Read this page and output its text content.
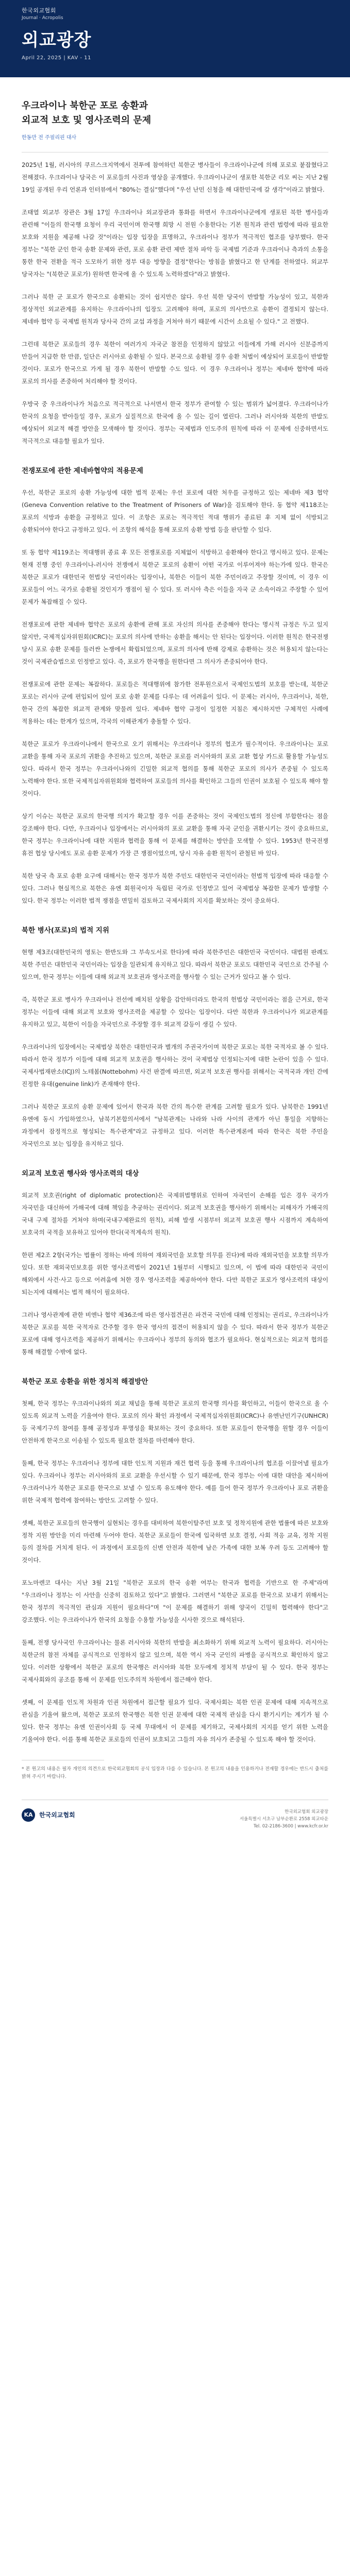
한국외교협회
Journal · Acropolis
외교광장
April 22, 2025 | KAV - 11
우크라이나 북한군 포로 송환과
외교적 보호 및 영사조력의 문제
한동만 전 주필리핀 대사

2025년 1월, 러시아의 쿠르스크지역에서 전투에 참여하던 북한군 병사들이 우크라이나군에 의해 포로로 붙잡혔다고 전해졌다. 우크라이나 당국은 이 포로들의 사진과 영상을 공개했다. 우크라이나군이 생포한 북한군 리모 씨는 지난 2월 19일 공개된 우리 언론과 인터뷰에서 "80%는 결심"했다며 "우선 난민 신청을 해 대한민국에 갈 생각"이라고 밝혔다.

조태열 외교부 장관은 3월 17일 우크라이나 외교장관과 통화를 하면서 우크라이나군에게 생포된 북한 병사들과 관련해 "이들의 한국행 요청이 우리 국민이며 한국행 희망 시 전원 수용한다는 기본 원칙과 관련 법령에 따라 필요한 보호와 지원을 제공해 나갈 것"이라는 입장 입장을 표명하고, 우크라이나 정부가 적극적인 협조를 당부했다. 한국 정부는 "북한 군인 한국 송환 문제와 관련, 포로 송환 관련 제반 절차 파악 등 국제법 기준과 우크라이나 측과의 소통을 통한 한국 전환을 적극 도모하기 위한 정부 대응 방향을 결정"한다는 방침을 밝혔다고 한 단계를 전하였다. 외교부 당국자는 "(북한군 포로가) 원하면 한국에 올 수 있도록 노력하겠다"라고 밝혔다.

그러나 북한 군 포로가 한국으로 송환되는 것이 쉽지만은 않다. 우선 북한 당국이 반발할 가능성이 있고, 북한과 정상적인 외교관계를 유지하는 우크라이나의 입장도 고려해야 하며, 포로의 의사만으로 송환이 결정되지 않는다. 제네바 협약 등 국제법 원칙과 당사국 간의 교섭 과정을 거쳐야 하기 때문에 시간이 소요될 수 있다." 고 전했다.

그런데 북한군 포로들의 경우 북한이 여러가지 자국군 참전을 인정하지 않았고 이들에게 가해 러시아 신분증까지 만들어 지급한 한 만큼, 일단은 러시아로 송환될 수 있다. 본국으로 송환될 경우 송환 처벌이 예상되어 포로들이 반발할 것이다. 포로가 한국으로 가게 될 경우 북한이 반발할 수도 있다. 이 경우 우크라이나 정부는 제네바 협약에 따라 포로의 의사를 존중하여 처리해야 할 것이다.

우방국 중 우크라이나가 처음으로 적극적으로 나서면서 한국 정부가 관여할 수 있는 범위가 넓어졌다. 우크라이나가 한국의 요청을 받아들일 경우, 포로가 실질적으로 한국에 올 수 있는 길이 열린다. 그러나 러시아와 북한의 반발도 예상되어 외교적 해결 방안을 모색해야 할 것이다. 정부는 국제법과 인도주의 원칙에 따라 이 문제에 신중하면서도 적극적으로 대응할 필요가 있다.

전쟁포로에 관한 제네바협약의 적용문제

우선, 북한군 포로의 송환 가능성에 대한 법적 문제는 우선 포로에 대한 처우를 규정하고 있는 제네바 제3 협약(Geneva Convention relative to the Treatment of Prisoners of War)을 검토해야 한다. 동 협약 제118조는 포로의 석방과 송환을 규정하고 있다. 이 조항은 포로는 적극적인 적대 행위가 종료된 후 지체 없이 석방되고 송환되어야 한다고 규정하고 있다. 이 조항의 해석을 통해 포로의 송환 방법 등을 판단할 수 있다.

또 동 협약 제119조는 적대행위 종료 후 모든 전쟁포로를 지체없이 석방하고 송환해야 한다고 명시하고 있다. 문제는 현재 진행 중인 우크라이나-러시아 전쟁에서 북한군 포로의 송환이 어떤 국가로 이루어져야 하는가에 있다. 한국은 북한군 포로가 대한민국 헌법상 국민이라는 입장이나, 북한은 이들이 북한 주민이라고 주장할 것이며, 이 경우 이 포로들이 어느 국가로 송환될 것인지가 쟁점이 될 수 있다. 또 러시아 측은 이들을 자국 군 소속이라고 주장할 수 있어 문제가 복잡해질 수 있다.

전쟁포로에 관한 제네바 협약은 포로의 송환에 관해 포로 자신의 의사를 존중해야 한다는 명시적 규정은 두고 있지 않지만, 국제적십자위원회(ICRC)는 포로의 의사에 반하는 송환을 해서는 안 된다는 입장이다. 이러한 원칙은 한국전쟁 당시 포로 송환 문제를 둘러싼 논쟁에서 확립되었으며, 포로의 의사에 반해 강제로 송환하는 것은 허용되지 않는다는 것이 국제관습법으로 인정받고 있다. 즉, 포로가 한국행을 원한다면 그 의사가 존중되어야 한다.

전쟁포로에 관한 문제는 복잡하다. 포로들은 적대행위에 참가한 전투원으로서 국제인도법의 보호를 받는데, 북한군 포로는 러시아 군에 편입되어 있어 포로 송환 문제를 다루는 데 어려움이 있다. 이 문제는 러시아, 우크라이나, 북한, 한국 간의 복잡한 외교적 관계와 맞물려 있다. 제네바 협약 규정이 일정한 지침은 제시하지만 구체적인 사례에 적용하는 데는 한계가 있으며, 각국의 이해관계가 충돌할 수 있다.

북한군 포로가 우크라이나에서 한국으로 오기 위해서는 우크라이나 정부의 협조가 필수적이다. 우크라이나는 포로 교환을 통해 자국 포로의 귀환을 추진하고 있으며, 북한군 포로를 러시아와의 포로 교환 협상 카드로 활용할 가능성도 있다. 따라서 한국 정부는 우크라이나와의 긴밀한 외교적 협의를 통해 북한군 포로의 의사가 존중될 수 있도록 노력해야 한다. 또한 국제적십자위원회와 협력하여 포로들의 의사를 확인하고 그들의 인권이 보호될 수 있도록 해야 할 것이다.

상기 이슈는 북한군 포로의 한국행 의지가 확고할 경우 이를 존중하는 것이 국제인도법의 정신에 부합한다는 점을 강조해야 한다. 다만, 우크라이나 입장에서는 러시아와의 포로 교환을 통해 자국 군인을 귀환시키는 것이 중요하므로, 한국 정부는 우크라이나에 대한 지원과 협력을 통해 이 문제를 해결하는 방안을 모색할 수 있다. 1953년 한국전쟁 휴전 협상 당시에도 포로 송환 문제가 가장 큰 쟁점이었으며, 당시 자유 송환 원칙이 관철된 바 있다.

북한 당국 측 포로 송환 요구에 대해서는 한국 정부가 북한 주민도 대한민국 국민이라는 헌법적 입장에 따라 대응할 수 있다. 그러나 현실적으로 북한은 유엔 회원국이자 독립된 국가로 인정받고 있어 국제법상 복잡한 문제가 발생할 수 있다. 한국 정부는 이러한 법적 쟁점을 면밀히 검토하고 국제사회의 지지를 확보하는 것이 중요하다.

북한 병사(포로)의 법적 지위

현행 제3조(대한민국의 영토는 한반도와 그 부속도서로 한다)에 따라 북한주민은 대한민국 국민이다. 대법원 판례도 북한 주민은 대한민국 국민이라는 입장을 일관되게 유지하고 있다. 따라서 북한군 포로도 대한민국 국민으로 간주될 수 있으며, 한국 정부는 이들에 대해 외교적 보호권과 영사조력을 행사할 수 있는 근거가 있다고 볼 수 있다.

즉, 북한군 포로 병사가 우크라이나 전선에 배치된 상황을 감안하더라도 한국의 헌법상 국민이라는 점을 근거로, 한국 정부는 이들에 대해 외교적 보호와 영사조력을 제공할 수 있다는 입장이다. 다만 북한과 우크라이나가 외교관계를 유지하고 있고, 북한이 이들을 자국민으로 주장할 경우 외교적 갈등이 생길 수 있다.

우크라이나의 입장에서는 국제법상 북한은 대한민국과 별개의 주권국가이며 북한군 포로는 북한 국적자로 볼 수 있다. 따라서 한국 정부가 이들에 대해 외교적 보호권을 행사하는 것이 국제법상 인정되는지에 대한 논란이 있을 수 있다. 국제사법재판소(ICJ)의 노테봄(Nottebohm) 사건 판결에 따르면, 외교적 보호권 행사를 위해서는 국적국과 개인 간에 진정한 유대(genuine link)가 존재해야 한다.

그러나 북한군 포로의 송환 문제에 있어서 한국과 북한 간의 특수한 관계를 고려할 필요가 있다. 남북한은 1991년 유엔에 동시 가입하였으나, 남북기본합의서에서 "남북관계는 나라와 나라 사이의 관계가 아닌 통일을 지향하는 과정에서 잠정적으로 형성되는 특수관계"라고 규정하고 있다. 이러한 특수관계론에 따라 한국은 북한 주민을 자국민으로 보는 입장을 유지하고 있다.

외교적 보호권 행사와 영사조력의 대상

외교적 보호권(right of diplomatic protection)은 국제위법행위로 인하여 자국민이 손해를 입은 경우 국가가 자국민을 대신하여 가해국에 대해 책임을 추궁하는 권리이다. 외교적 보호권을 행사하기 위해서는 피해자가 가해국의 국내 구제 절차를 거쳐야 하며(국내구제완료의 원칙), 피해 발생 시점부터 외교적 보호권 행사 시점까지 계속하여 보호국의 국적을 보유하고 있어야 한다(국적계속의 원칙).

한편 제2조 2항(국가는 법률이 정하는 바에 의하여 재외국민을 보호할 의무를 진다)에 따라 재외국민을 보호할 의무가 있다. 또한 재외국민보호를 위한 영사조력법이 2021년 1월부터 시행되고 있으며, 이 법에 따라 대한민국 국민이 해외에서 사건·사고 등으로 어려움에 처한 경우 영사조력을 제공하여야 한다. 다만 북한군 포로가 영사조력의 대상이 되는지에 대해서는 법적 해석이 필요하다.

그러나 영사관계에 관한 비엔나 협약 제36조에 따른 영사접견권은 파견국 국민에 대해 인정되는 권리로, 우크라이나가 북한군 포로를 북한 국적자로 간주할 경우 한국 영사의 접견이 허용되지 않을 수 있다. 따라서 한국 정부가 북한군 포로에 대해 영사조력을 제공하기 위해서는 우크라이나 정부의 동의와 협조가 필요하다. 현실적으로는 외교적 협의를 통해 해결할 수밖에 없다.

북한군 포로 송환을 위한 정치적 해결방안

첫째, 한국 정부는 우크라이나와의 외교 채널을 통해 북한군 포로의 한국행 의사를 확인하고, 이들이 한국으로 올 수 있도록 외교적 노력을 기울여야 한다. 포로의 의사 확인 과정에서 국제적십자위원회(ICRC)나 유엔난민기구(UNHCR) 등 국제기구의 참여를 통해 공정성과 투명성을 확보하는 것이 중요하다. 또한 포로들이 한국행을 원할 경우 이들이 안전하게 한국으로 이송될 수 있도록 필요한 절차를 마련해야 한다.

둘째, 한국 정부는 우크라이나 정부에 대한 인도적 지원과 재건 협력 등을 통해 우크라이나의 협조를 이끌어낼 필요가 있다. 우크라이나 정부는 러시아와의 포로 교환을 우선시할 수 있기 때문에, 한국 정부는 이에 대한 대안을 제시하여 우크라이나가 북한군 포로를 한국으로 보낼 수 있도록 유도해야 한다. 예를 들어 한국 정부가 우크라이나 포로 귀환을 위한 국제적 협력에 참여하는 방안도 고려할 수 있다.

셋째, 북한군 포로들의 한국행이 실현되는 경우를 대비하여 북한이탈주민 보호 및 정착지원에 관한 법률에 따른 보호와 정착 지원 방안을 미리 마련해 두어야 한다. 북한군 포로들이 한국에 입국하면 보호 결정, 사회 적응 교육, 정착 지원 등의 절차를 거치게 된다. 이 과정에서 포로들의 신변 안전과 북한에 남은 가족에 대한 보복 우려 등도 고려해야 할 것이다.

포노마렌코 대사는 지난 3월 21일 "북한군 포로의 한국 송환 여부는 한국과 협력을 기반으로 한 주제"라며 "우크라이나 정부는 이 사안을 신중히 검토하고 있다"고 밝혔다. 그러면서 "북한군 포로를 한국으로 보내기 위해서는 한국 정부의 적극적인 관심과 지원이 필요하다"며 "이 문제를 해결하기 위해 양국이 긴밀히 협력해야 한다"고 강조했다. 이는 우크라이나가 한국의 요청을 수용할 가능성을 시사한 것으로 해석된다.

둘째, 전쟁 당사국인 우크라이나는 물론 러시아와 북한의 반발을 최소화하기 위해 외교적 노력이 필요하다. 러시아는 북한군의 참전 자체를 공식적으로 인정하지 않고 있으며, 북한 역시 자국 군인의 파병을 공식적으로 확인하지 않고 있다. 이러한 상황에서 북한군 포로의 한국행은 러시아와 북한 모두에게 정치적 부담이 될 수 있다. 한국 정부는 국제사회와의 공조를 통해 이 문제를 인도주의적 차원에서 접근해야 한다.

셋째, 이 문제를 인도적 차원과 인권 차원에서 접근할 필요가 있다. 국제사회는 북한 인권 문제에 대해 지속적으로 관심을 기울여 왔으며, 북한군 포로의 한국행은 북한 인권 문제에 대한 국제적 관심을 다시 환기시키는 계기가 될 수 있다. 한국 정부는 유엔 인권이사회 등 국제 무대에서 이 문제를 제기하고, 국제사회의 지지를 얻기 위한 노력을 기울여야 한다. 이를 통해 북한군 포로들의 인권이 보호되고 그들의 자유 의사가 존중될 수 있도록 해야 할 것이다.

* 본 원고의 내용은 필자 개인의 의견으로 한국외교협회의 공식 입장과 다를 수 있습니다. 본 원고의 내용을 인용하거나 전재할 경우에는 반드시 출처를 밝혀 주시기 바랍니다.

KA	한국외교협회	한국외교협회 외교광장
서울특별시 서초구 남부순환로 2558 외교타운
Tel. 02-2186-3600 | www.kcfr.or.kr
